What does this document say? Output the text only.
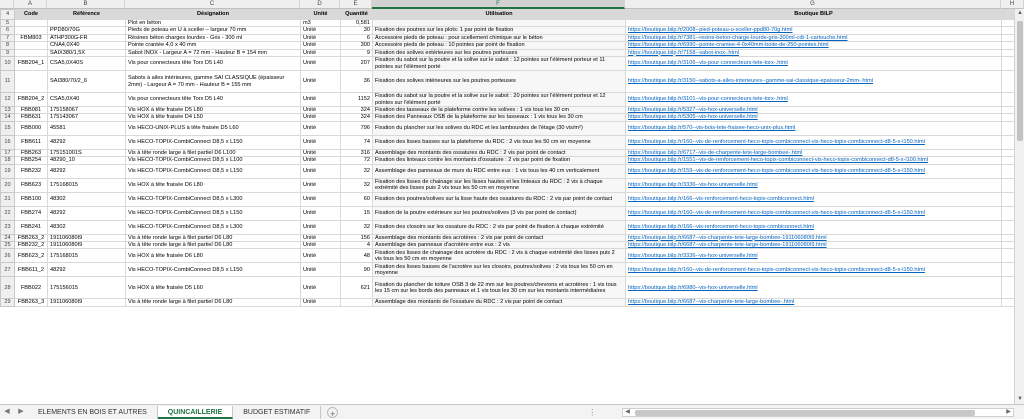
A	B	C	D	E	F	G	H
4	Code	Référence	Désignation	Unité	Quantité	Utilisation	Boutique BILP	
5			Plot en béton	m3	0,581			
6		PPD80/70G	Pieds de poteau en U à sceller – largeur 70 mm	Unité	30	Fixation des poutres sur les plots: 1 par point de fixation	https://boutique.bilp.fr/2008--pied-poteau-u-sceller-ppd80-70g.html	
7	FBM803	ATHP300G-FR	Résines béton charges lourdes - Gris - 300 ml	Unité	6	Accessoire pieds de poteau : pour scellement chimique sur le béton	https://boutique.bilp.fr/7381--resine-beton-charge-lourde-gris-300ml-cdt-1-cartouche.html	
8		CNA4,0X40	Pointe crantée 4,0 x 40 mm	Unité	300	Accessoire pieds de poteau : 10 pointes par point de fixation	https://boutique.bilp.fr/6990--pointe-crantee-4-0x40mm-boite-de-250-pointes.html	
9		SAIX380/1,5X	Sabot INOX - Largeur A = 72 mm - Hauteur B = 154 mm	Unité	9	Fixation des solives extérieures sur les poutres porteuses	https://boutique.bilp.fr/7158--sabot-inox-.html	
10	FBB204_1	CSA5,0X40S	Vis pour connecteurs tête Torx D5 L40	Unité	207	Fixation du sabot sur la poutre et la solive sur le sabot : 12 pointes sur l'élément porteur et 11 pointes sur l'élément porté	https://boutique.bilp.fr/3106--vis-pour-connecteurs-tete-torx-.html	
11		SAI380/70/2_6	Sabots à ailes intérieures, gamme SAI CLASSIQUE (épaisseur 2mm) - Largeur A = 70 mm - Hauteur B = 155 mm	Unité	36	Fixation des solives intérieures sur les poutres porteuses	https://boutique.bilp.fr/3150--sabots-a-ailes-interieures--gamme-sai-classique-epaisseur-2mm-.html	
12	FBB204_2	CSA5,0X40	Vis pour connecteurs tête Torx D5 L40	Unité	1152	Fixation du sabot sur la poutre et la solive sur le sabot : 20 pointes sur l'élément porteur et 12 pointes sur l'élément porté	https://boutique.bilp.fr/3101--vis-pour-connecteurs-tete-torx-.html	
13	FBB081	175158067	Vis HOX à tête fraisée D5 L80	Unité	324	Fixation des tasseaux de la plateforme contre les solives : 1 vis tous les 30 cm	https://boutique.bilp.fr/5327--vis-hox-universelle.html	
14	FBB631	175143067	Vis HOX à tête fraisée D4 L50	Unité	324	Fixation des Panneaux OSB de la plateforme sur les tasseaux : 1 vis tous les 30 cm	https://boutique.bilp.fr/5305--vis-hox-universelle.html	
15	FBB000	45581	Vis HECO-UNIX-PLUS à tête fraisée D5 L60	Unité	796	Fixation du plancher sur les solives du RDC et les lambourdes de l'étage (30 vis/m²)	https://boutique.bilp.fr/570--vis-bois-tete-fraisee-heco-unix-plus.html	
16	FBB611	48292	Vis HECO-TOPIX-CombiConnect D8,5 x L150	Unité	74	Fixation des lisses basses sur la plateforme du RDC : 2 vis tous les 50 cm en moyenne	https://boutique.bilp.fr/160--vis-de-renforcement-heco-topix-combiconnect-vis-heco-topix-combiconnect-d8-5-x-l150.html	
17	FBB263	175151001S	Vis à tête ronde large à filet partiel D6 L100	Unité	316	Assemblage des montants des ossatures du RDC : 2 vis par point de contact	https://boutique.bilp.fr/6717--vis-de-charpente-tete-large-bombee-.html	
18	FBB254	48290_10	Vis HECO-TOPIX-CombiConnect D8,5 x L100	Unité	72	Fixation des linteaux contre les montants d'ossature : 2 vis par point de fixation	https://boutique.bilp.fr/1551--vis-de-renforcement-heco-topix-combiconnect-vis-heco-topix-combiconnect-d8-5-x-l100.html	
19	FBB232	48292	Vis HECO-TOPIX-CombiConnect D8,5 x L150	Unité	32	Assemblage des panneaux de murs du RDC entre eux : 1 vis tous les 40 cm verticalement	https://boutique.bilp.fr/159--vis-de-renforcement-heco-topix-combiconnect-vis-heco-topix-combiconnect-d8-5-x-l150.html	
20	FBB623	175168015	Vis HOX à tête fraisée D6 L80	Unité	32	Fixation des lisses de chainage sur les lisses hautes et les linteaux du RDC : 2 vis à chaque extrémité des lisses puis 2 vis tous les 50 cm en moyenne	https://boutique.bilp.fr/3336--vis-hox-universelle.html	
21	FBB100	48302	Vis HECO-TOPIX-CombiConnect D8,5 x L300	Unité	60	Fixation des poutres/solives sur la lisse haute des ossatures du RDC : 2 vis par point de contact	https://boutique.bilp.fr/166--vis-renforcement-heco-topix-combiconnect.html	
22	FBB274	48292	Vis HECO-TOPIX-CombiConnect D8,5 x L150	Unité	15	Fixation de la poutre extérieure sur les poutres/solives (3 vis par point de contact)	https://boutique.bilp.fr/160--vis-de-renforcement-heco-topix-combiconnect-vis-heco-topix-combiconnect-d8-5-x-l150.html	
23	FBB241	48302	Vis HECO-TOPIX-CombiConnect D8,5 x L300	Unité	32	Fixation des closoirs sur les ossature du RDC : 2 vis par point de fixation à chaque extrémité	https://boutique.bilp.fr/166--vis-renforcement-heco-topix-combiconnect.html	
24	FBB263_2	191106080I9	Vis à tête ronde large à filet partiel D6 L80	Unité	156	Assemblage des montants des acrotères : 2 vis par point de contact	https://boutique.bilp.fr/6687--vis-charpente-tete-large-bombee-191106080I9.html	
25	FBB232_2	191106080I9	Vis à tête ronde large à filet partiel D6 L80	Unité	4	Assemblage des panneaux d'acrotère entre eux : 2 vis	https://boutique.bilp.fr/6687--vis-charpente-tete-large-bombee-191106080I9.html	
26	FBB623_2	175168015	Vis HOX à tête fraisée D6 L80	Unité	48	Fixation des lisses de chainage des acrotère du RDC : 2 vis à chaque extrémité des lisses puis 2 vis tous les 50 cm en moyenne	https://boutique.bilp.fr/3336--vis-hox-universelle.html	
27	FBB611_2	48292	Vis HECO-TOPIX-CombiConnect D8,5 x L150	Unité	90	Fixation des lisses basses de l'acrotère sur les closoirs, poutres/solives : 2 vis tous les 50 cm en moyenne	https://boutique.bilp.fr/160--vis-de-renforcement-heco-topix-combiconnect-vis-heco-topix-combiconnect-d8-5-x-l150.html	
28	FBB022	175156015	Vis HOX à tête fraisée D5 L60	Unité	621	Fixation du plancher de toiture OSB 3 de 22 mm sur les poutres/chevrons et acrotères : 1 vis tous les 15 cm sur les bords des panneaux et 1 vis tous les 30 cm sur les montants intermédiaires	https://boutique.bilp.fr/6980--vis-hox-universelle.html	
29	FBB263_3	191106080I9	Vis à tête ronde large à filet partiel D6 L80	Unité		Assemblage des montants de l'ossature du RDC : 2 vis par point de contact	https://boutique.bilp.fr/6687--vis-charpente-tete-large-bombee-.html	
▲
▼
◀	▶	ELEMENTS EN BOIS ET AUTRES	QUINCAILLERIE	BUDGET ESTIMATIF	+	⋮	◀	▶
